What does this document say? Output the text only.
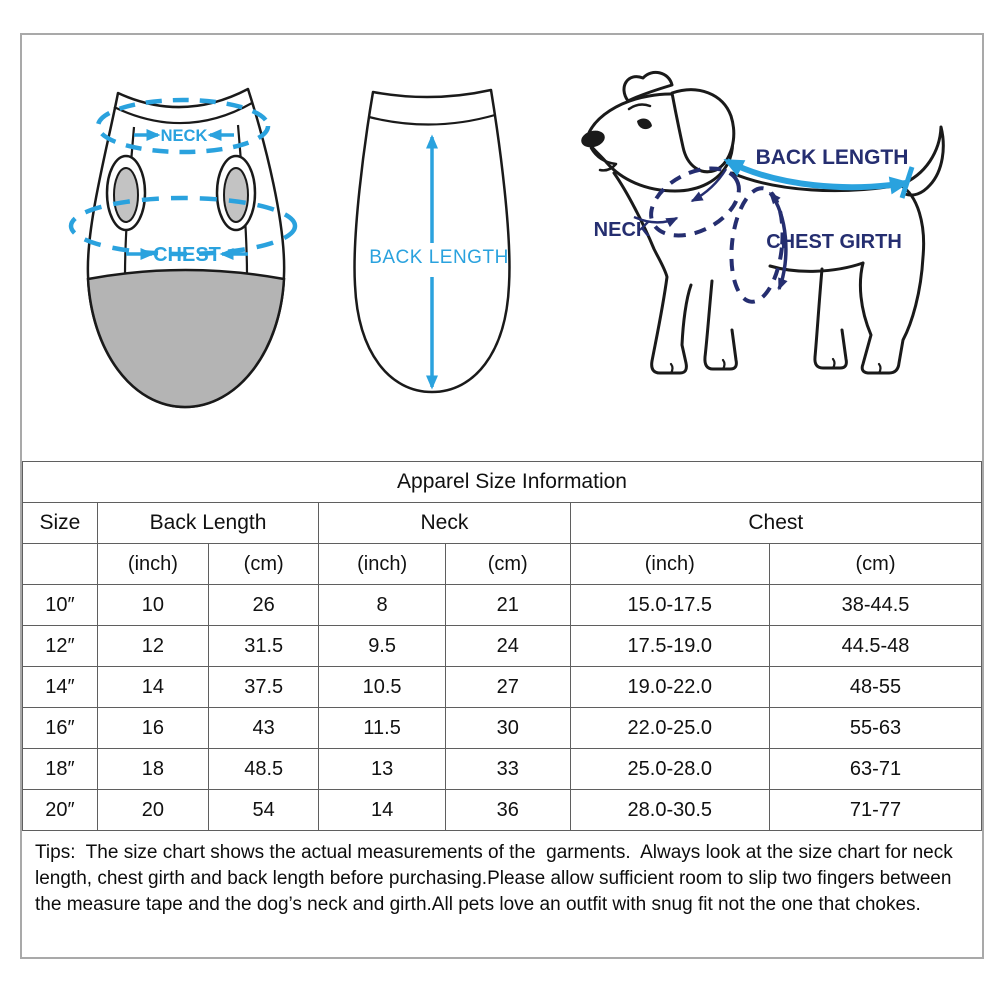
NECK
CHEST	BACK LENGTH
BACK LENGTH
NECK
CHEST GIRTH
Apparel Size Information						
Size	Back Length		Neck		Chest	
	(inch)	(cm)	(inch)	(cm)	(inch)	(cm)
10″	10	26	8	21	15.0-17.5	38-44.5
12″	12	31.5	9.5	24	17.5-19.0	44.5-48
14″	14	37.5	10.5	27	19.0-22.0	48-55
16″	16	43	11.5	30	22.0-25.0	55-63
18″	18	48.5	13	33	25.0-28.0	63-71
20″	20	54	14	36	28.0-30.5	71-77
Tips:  The size chart shows the actual measurements of the  garments.  Always look at the size chart for neck length, chest girth and back length before purchasing.Please allow sufficient room to slip two fingers between the measure tape and the dog’s neck and girth.All pets love an outfit with snug fit not the one that chokes.
